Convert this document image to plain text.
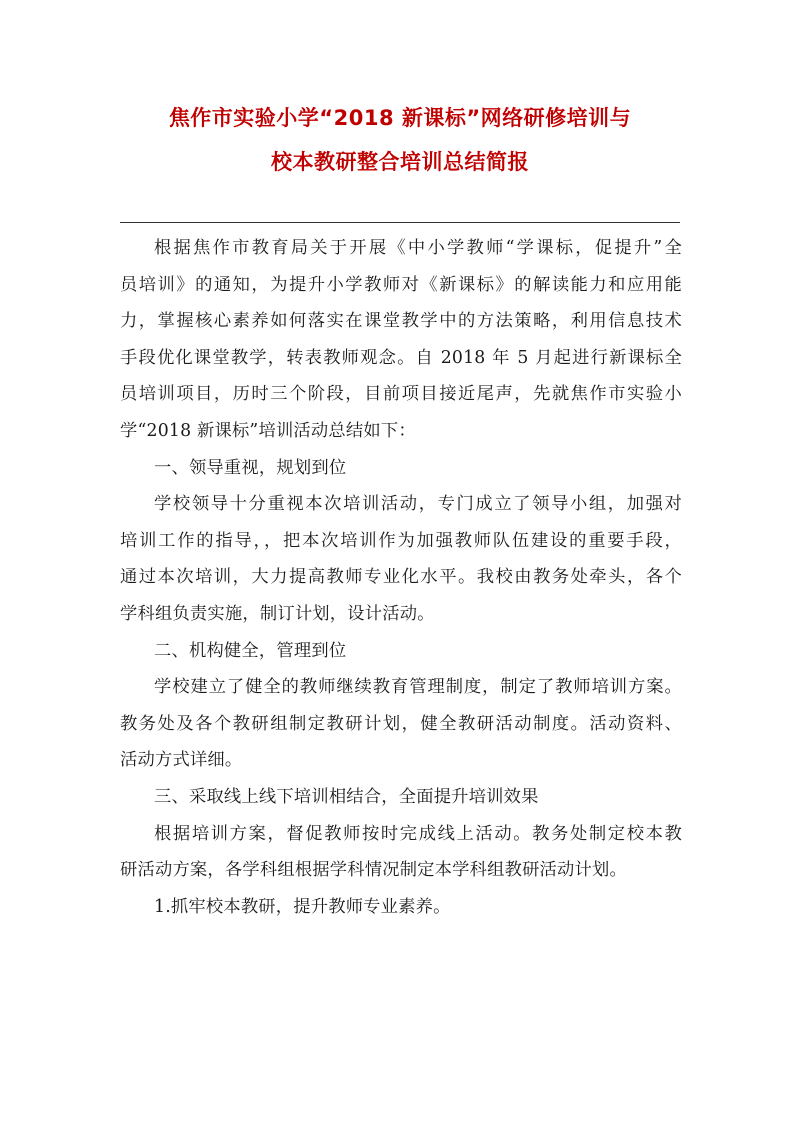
焦作市实验小学“2018 新课标”网络研修培训与
校本教研整合培训总结简报
根据焦作市教育局关于开展《中小学教师“学课标，促提升”全
员培训》的通知，为提升小学教师对《新课标》的解读能力和应用能
力，掌握核心素养如何落实在课堂教学中的方法策略，利用信息技术
手段优化课堂教学，转表教师观念。自 2018 年 5 月起进行新课标全
员培训项目，历时三个阶段，目前项目接近尾声，先就焦作市实验小
学“2018 新课标”培训活动总结如下：
一、领导重视，规划到位
学校领导十分重视本次培训活动，专门成立了领导小组，加强对
培训工作的指导，，把本次培训作为加强教师队伍建设的重要手段，
通过本次培训，大力提高教师专业化水平。我校由教务处牵头，各个
学科组负责实施，制订计划，设计活动。
二、机构健全，管理到位
学校建立了健全的教师继续教育管理制度，制定了教师培训方案。
教务处及各个教研组制定教研计划，健全教研活动制度。活动资料、
活动方式详细。
三、采取线上线下培训相结合，全面提升培训效果
根据培训方案，督促教师按时完成线上活动。教务处制定校本教
研活动方案，各学科组根据学科情况制定本学科组教研活动计划。
1.抓牢校本教研，提升教师专业素养。
